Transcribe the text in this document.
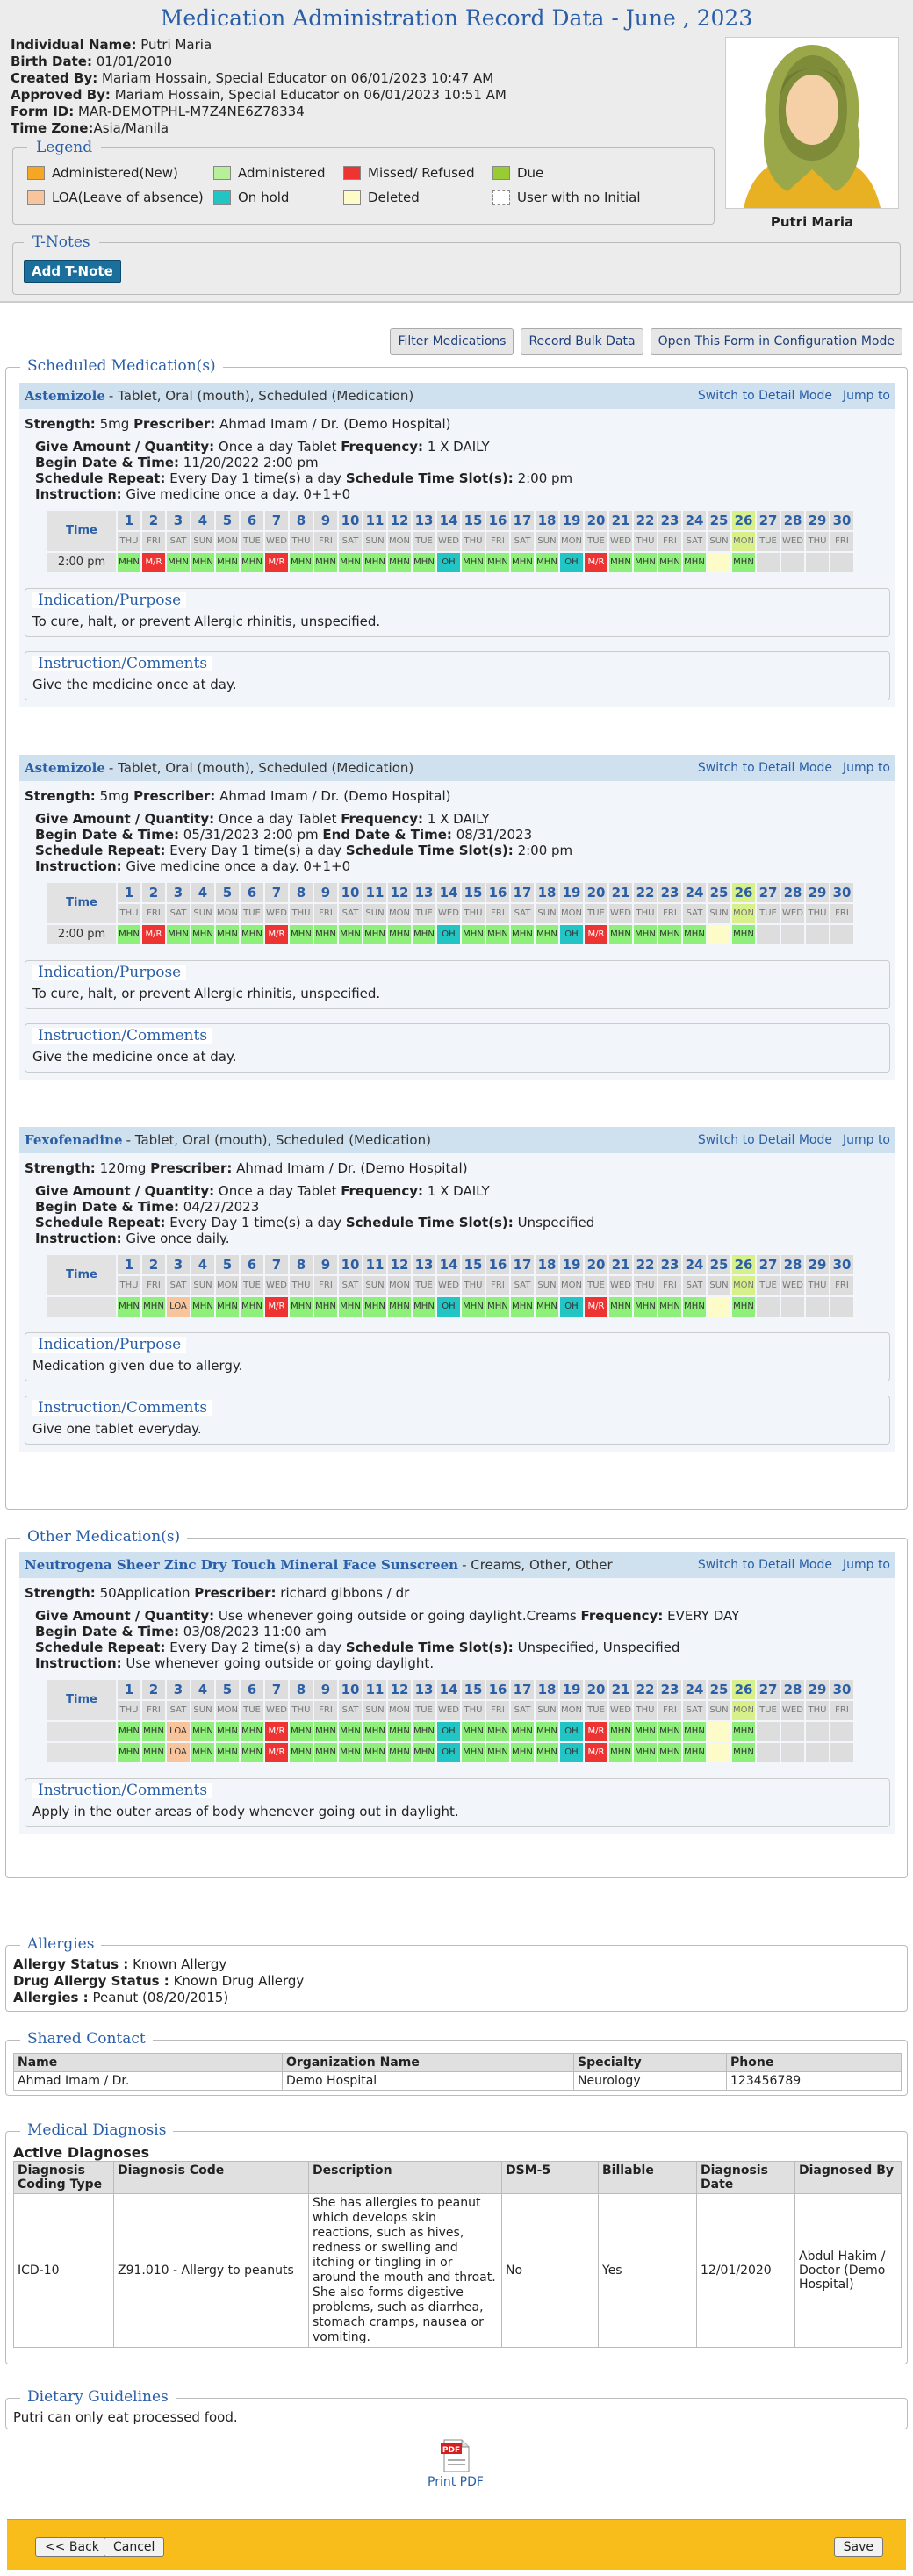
Medication Administration Record Data - June , 2023
Individual Name: Putri Maria
Birth Date: 01/01/2010
Created By: Mariam Hossain, Special Educator on 06/01/2023 10:47 AM
Approved By: Mariam Hossain, Special Educator on 06/01/2023 10:51 AM
Form ID: MAR-DEMOTPHL-M7Z4NE6Z78334
Time Zone:Asia/Manila
Putri Maria
Legend
Administered(New)	Administered	Missed/ Refused	Due
LOA(Leave of absence)	On hold	Deleted	User with no Initial
T-Notes
Add T-Note
Filter Medications	Record Bulk Data	Open This Form in Configuration Mode
Scheduled Medication(s)
Astemizole - Tablet, Oral (mouth), Scheduled (Medication)	Switch to Detail Mode Jump to
Strength: 5mg Prescriber: Ahmad Imam / Dr. (Demo Hospital)
Give Amount / Quantity: Once a day Tablet Frequency: 1 X DAILY
Begin Date & Time: 11/20/2022 2:00 pm
Schedule Repeat: Every Day 1 time(s) a day Schedule Time Slot(s): 2:00 pm
Instruction: Give medicine once a day. 0+1+0
Time	1	2	3	4	5	6	7	8	9	10	11	12	13	14	15	16	17	18	19	20	21	22	23	24	25	26	27	28	29	30
	THU	FRI	SAT	SUN	MON	TUE	WED	THU	FRI	SAT	SUN	MON	TUE	WED	THU	FRI	SAT	SUN	MON	TUE	WED	THU	FRI	SAT	SUN	MON	TUE	WED	THU	FRI
2:00 pm	MHN	M/R	MHN	MHN	MHN	MHN	M/R	MHN	MHN	MHN	MHN	MHN	MHN	OH	MHN	MHN	MHN	MHN	OH	M/R	MHN	MHN	MHN	MHN		MHN				
Indication/Purpose
To cure, halt, or prevent Allergic rhinitis, unspecified.
Instruction/Comments
Give the medicine once at day.
Astemizole - Tablet, Oral (mouth), Scheduled (Medication)	Switch to Detail Mode Jump to
Strength: 5mg Prescriber: Ahmad Imam / Dr. (Demo Hospital)
Give Amount / Quantity: Once a day Tablet Frequency: 1 X DAILY
Begin Date & Time: 05/31/2023 2:00 pm End Date & Time: 08/31/2023
Schedule Repeat: Every Day 1 time(s) a day Schedule Time Slot(s): 2:00 pm
Instruction: Give medicine once a day. 0+1+0
Time	1	2	3	4	5	6	7	8	9	10	11	12	13	14	15	16	17	18	19	20	21	22	23	24	25	26	27	28	29	30
	THU	FRI	SAT	SUN	MON	TUE	WED	THU	FRI	SAT	SUN	MON	TUE	WED	THU	FRI	SAT	SUN	MON	TUE	WED	THU	FRI	SAT	SUN	MON	TUE	WED	THU	FRI
2:00 pm	MHN	M/R	MHN	MHN	MHN	MHN	M/R	MHN	MHN	MHN	MHN	MHN	MHN	OH	MHN	MHN	MHN	MHN	OH	M/R	MHN	MHN	MHN	MHN		MHN				
Indication/Purpose
To cure, halt, or prevent Allergic rhinitis, unspecified.
Instruction/Comments
Give the medicine once at day.
Fexofenadine - Tablet, Oral (mouth), Scheduled (Medication)	Switch to Detail Mode Jump to
Strength: 120mg Prescriber: Ahmad Imam / Dr. (Demo Hospital)
Give Amount / Quantity: Once a day Tablet Frequency: 1 X DAILY
Begin Date & Time: 04/27/2023
Schedule Repeat: Every Day 1 time(s) a day Schedule Time Slot(s): Unspecified
Instruction: Give once daily.
Time	1	2	3	4	5	6	7	8	9	10	11	12	13	14	15	16	17	18	19	20	21	22	23	24	25	26	27	28	29	30
	THU	FRI	SAT	SUN	MON	TUE	WED	THU	FRI	SAT	SUN	MON	TUE	WED	THU	FRI	SAT	SUN	MON	TUE	WED	THU	FRI	SAT	SUN	MON	TUE	WED	THU	FRI
	MHN	MHN	LOA	MHN	MHN	MHN	M/R	MHN	MHN	MHN	MHN	MHN	MHN	OH	MHN	MHN	MHN	MHN	OH	M/R	MHN	MHN	MHN	MHN		MHN				
Indication/Purpose
Medication given due to allergy.
Instruction/Comments
Give one tablet everyday.
Other Medication(s)
Neutrogena Sheer Zinc Dry Touch Mineral Face Sunscreen - Creams, Other, Other	Switch to Detail Mode Jump to
Strength: 50Application Prescriber: richard gibbons / dr
Give Amount / Quantity: Use whenever going outside or going daylight.Creams Frequency: EVERY DAY
Begin Date & Time: 03/08/2023 11:00 am
Schedule Repeat: Every Day 2 time(s) a day Schedule Time Slot(s): Unspecified, Unspecified
Instruction: Use whenever going outside or going daylight.
Time	1	2	3	4	5	6	7	8	9	10	11	12	13	14	15	16	17	18	19	20	21	22	23	24	25	26	27	28	29	30
	THU	FRI	SAT	SUN	MON	TUE	WED	THU	FRI	SAT	SUN	MON	TUE	WED	THU	FRI	SAT	SUN	MON	TUE	WED	THU	FRI	SAT	SUN	MON	TUE	WED	THU	FRI
	MHN	MHN	LOA	MHN	MHN	MHN	M/R	MHN	MHN	MHN	MHN	MHN	MHN	OH	MHN	MHN	MHN	MHN	OH	M/R	MHN	MHN	MHN	MHN		MHN				
	MHN	MHN	LOA	MHN	MHN	MHN	M/R	MHN	MHN	MHN	MHN	MHN	MHN	OH	MHN	MHN	MHN	MHN	OH	M/R	MHN	MHN	MHN	MHN		MHN				
Instruction/Comments
Apply in the outer areas of body whenever going out in daylight.
Allergies
Allergy Status : Known Allergy
Drug Allergy Status : Known Drug Allergy
Allergies : Peanut (08/20/2015)
Shared Contact
Name	Organization Name	Specialty	Phone
Ahmad Imam / Dr.	Demo Hospital	Neurology	123456789
Medical Diagnosis
Active Diagnoses
Diagnosis Coding Type	Diagnosis Code	Description	DSM-5	Billable	Diagnosis Date	Diagnosed By
ICD-10	Z91.010 - Allergy to peanuts	She has allergies to peanut which develops skin reactions, such as hives, redness or swelling and itching or tingling in or around the mouth and throat. She also forms digestive problems, such as diarrhea, stomach cramps, nausea or vomiting.	No	Yes	12/01/2020	Abdul Hakim / Doctor (Demo Hospital)
Dietary Guidelines
Putri can only eat processed food.
PDF
Print PDF
<< Back	Cancel	Save
